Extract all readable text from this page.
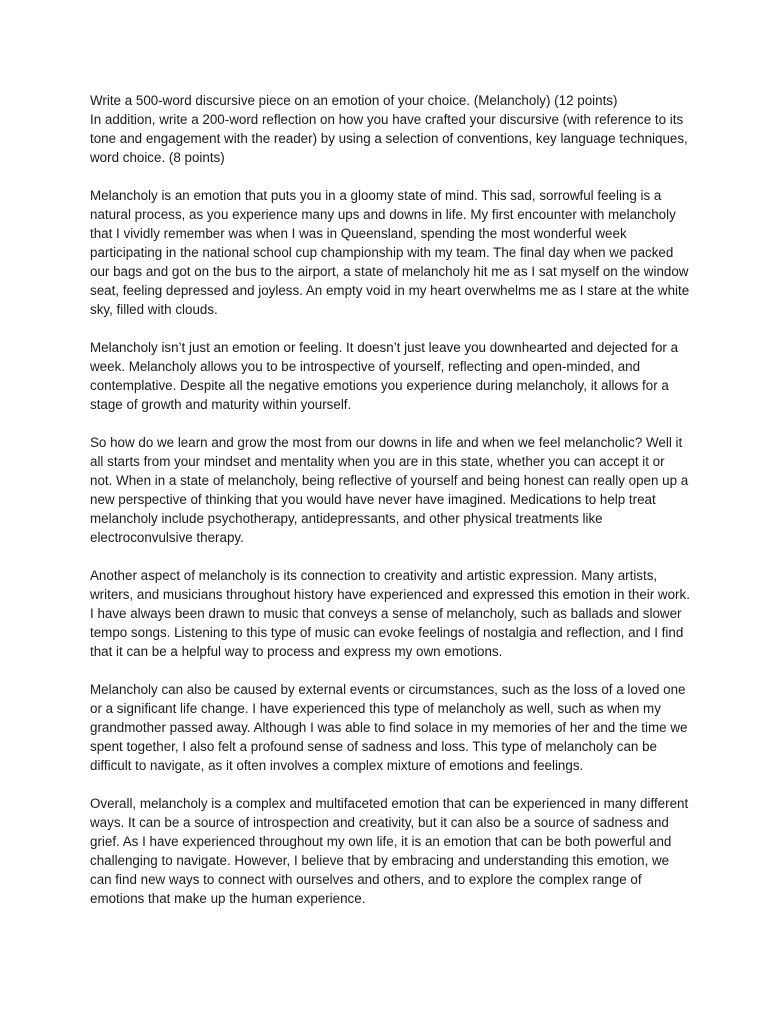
Write a 500-word discursive piece on an emotion of your choice. (Melancholy) (12 points)
In addition, write a 200-word reflection on how you have crafted your discursive (with reference to its tone and engagement with the reader) by using a selection of conventions, key language techniques, word choice. (8 points)

Melancholy is an emotion that puts you in a gloomy state of mind. This sad, sorrowful feeling is a natural process, as you experience many ups and downs in life. My first encounter with melancholy that I vividly remember was when I was in Queensland, spending the most wonderful week participating in the national school cup championship with my team. The final day when we packed our bags and got on the bus to the airport, a state of melancholy hit me as I sat myself on the window seat, feeling depressed and joyless. An empty void in my heart overwhelms me as I stare at the white sky, filled with clouds.

Melancholy isn’t just an emotion or feeling. It doesn’t just leave you downhearted and dejected for a week. Melancholy allows you to be introspective of yourself, reflecting and open-minded, and contemplative. Despite all the negative emotions you experience during melancholy, it allows for a stage of growth and maturity within yourself.

So how do we learn and grow the most from our downs in life and when we feel melancholic? Well it all starts from your mindset and mentality when you are in this state, whether you can accept it or not. When in a state of melancholy, being reflective of yourself and being honest can really open up a new perspective of thinking that you would have never have imagined. Medications to help treat melancholy include psychotherapy, antidepressants, and other physical treatments like electroconvulsive therapy.

Another aspect of melancholy is its connection to creativity and artistic expression. Many artists, writers, and musicians throughout history have experienced and expressed this emotion in their work. I have always been drawn to music that conveys a sense of melancholy, such as ballads and slower tempo songs. Listening to this type of music can evoke feelings of nostalgia and reflection, and I find that it can be a helpful way to process and express my own emotions.

Melancholy can also be caused by external events or circumstances, such as the loss of a loved one or a significant life change. I have experienced this type of melancholy as well, such as when my grandmother passed away. Although I was able to find solace in my memories of her and the time we spent together, I also felt a profound sense of sadness and loss. This type of melancholy can be difficult to navigate, as it often involves a complex mixture of emotions and feelings.

Overall, melancholy is a complex and multifaceted emotion that can be experienced in many different ways. It can be a source of introspection and creativity, but it can also be a source of sadness and grief. As I have experienced throughout my own life, it is an emotion that can be both powerful and challenging to navigate. However, I believe that by embracing and understanding this emotion, we can find new ways to connect with ourselves and others, and to explore the complex range of emotions that make up the human experience.
